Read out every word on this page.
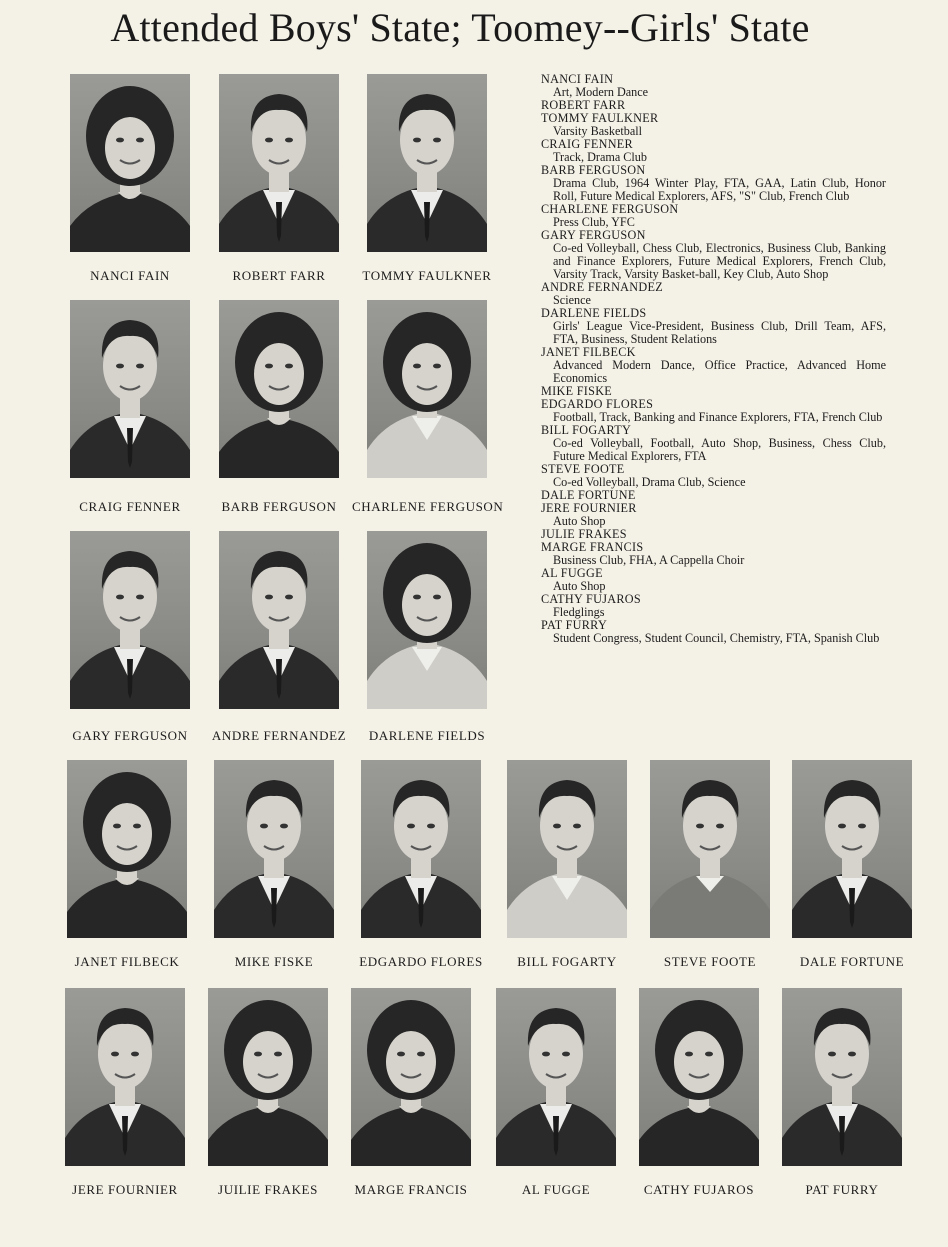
Attended Boys' State; Toomey--Girls' State
NANCI FAIN	ROBERT FARR	TOMMY FAULKNER
CRAIG FENNER	BARB FERGUSON	CHARLENE FERGUSON
GARY FERGUSON	ANDRE FERNANDEZ	DARLENE FIELDS
JANET FILBECK	MIKE FISKE	EDGARDO FLORES	BILL FOGARTY	STEVE FOOTE	DALE FORTUNE
JERE FOURNIER	JUILIE FRAKES	MARGE FRANCIS	AL FUGGE	CATHY FUJAROS	PAT FURRY
NANCI FAIN
Art, Modern Dance
ROBERT FARR
TOMMY FAULKNER
Varsity Basketball
CRAIG FENNER
Track, Drama Club
BARB FERGUSON
Drama Club, 1964 Winter Play, FTA, GAA, Latin Club, Honor Roll, Future Medical Explorers, AFS, "S" Club, French Club
CHARLENE FERGUSON
Press Club, YFC
GARY FERGUSON
Co-ed Volleyball, Chess Club, Electronics, Business Club, Banking and Finance Explorers, Future Medical Explorers, French Club, Varsity Track, Varsity Basket-ball, Key Club, Auto Shop
ANDRE FERNANDEZ
Science
DARLENE FIELDS
Girls' League Vice-President, Business Club, Drill Team, AFS, FTA, Business, Student Relations
JANET FILBECK
Advanced Modern Dance, Office Practice, Advanced Home Economics
MIKE FISKE
EDGARDO FLORES
Football, Track, Banking and Finance Explorers, FTA, French Club
BILL FOGARTY
Co-ed Volleyball, Football, Auto Shop, Business, Chess Club, Future Medical Explorers, FTA
STEVE FOOTE
Co-ed Volleyball, Drama Club, Science
DALE FORTUNE
JERE FOURNIER
Auto Shop
JULIE FRAKES
MARGE FRANCIS
Business Club, FHA, A Cappella Choir
AL FUGGE
Auto Shop
CATHY FUJAROS
Fledglings
PAT FURRY
Student Congress, Student Council, Chemistry, FTA, Spanish Club
